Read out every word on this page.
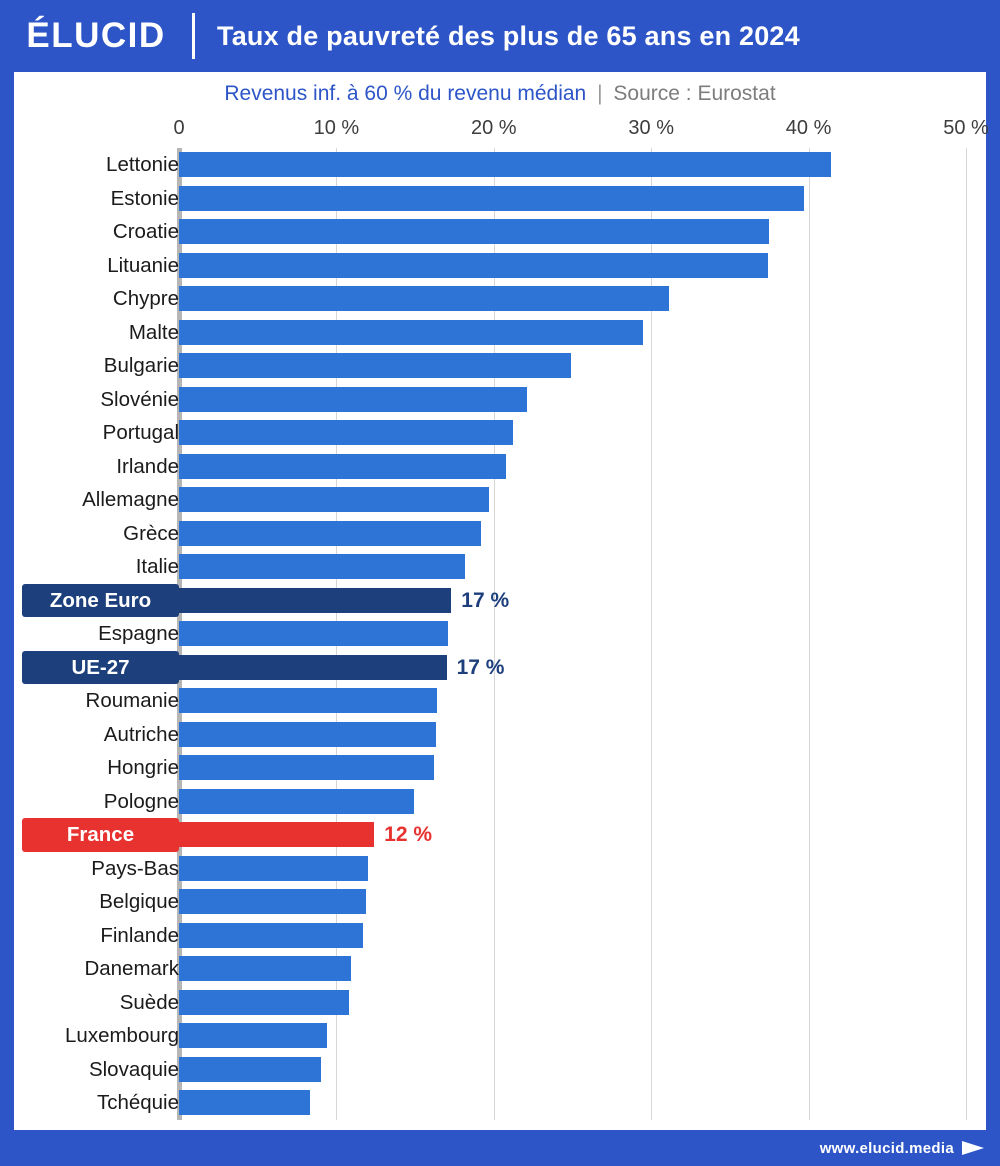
ÉLUCID	Taux de pauvreté des plus de 65 ans en 2024
Revenus inf. à 60 % du revenu médian | Source : Eurostat
0	10 %	20 %	30 %	40 %	50 %
Lettonie
Estonie
Croatie
Lituanie
Chypre
Malte
Bulgarie
Slovénie
Portugal
Irlande
Allemagne
Grèce
Italie
Zone Euro	17 %
Espagne
UE-27	17 %
Roumanie
Autriche
Hongrie
Pologne
France	12 %
Pays-Bas
Belgique
Finlande
Danemark
Suède
Luxembourg
Slovaquie
Tchéquie
www.elucid.media
